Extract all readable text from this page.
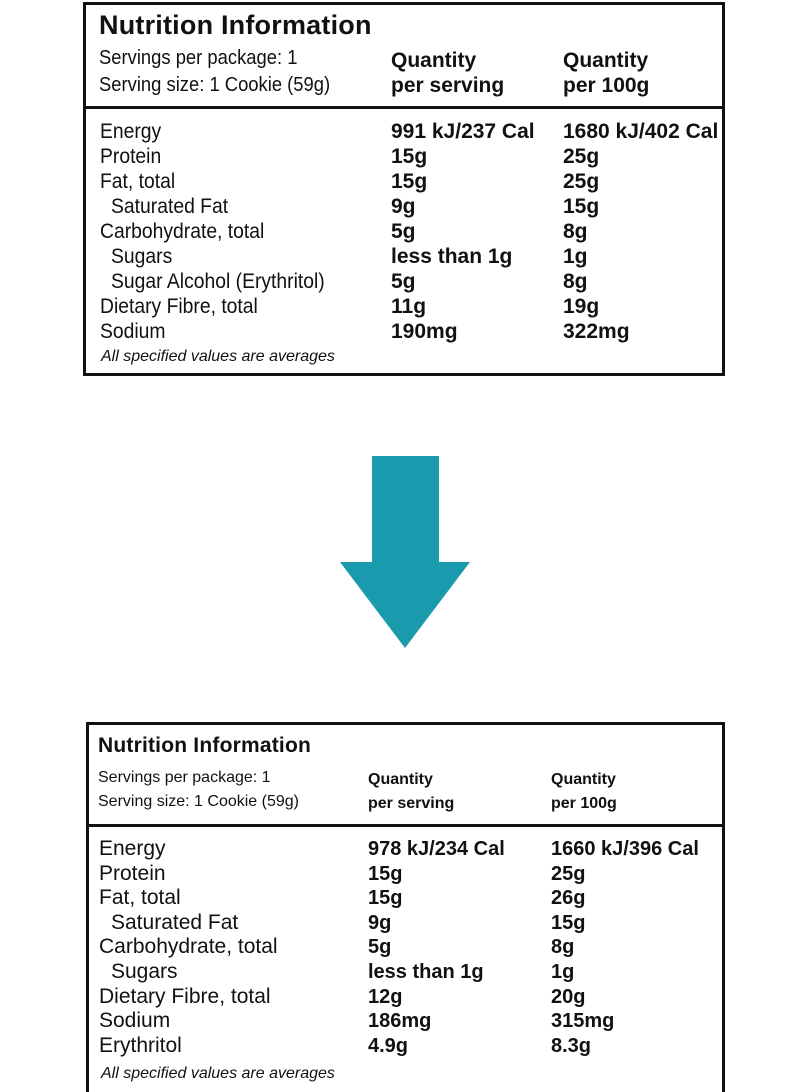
Nutrition Information
Servings per package: 1
Serving size: 1 Cookie (59g)
Quantity
per serving
Quantity
per 100g
Energy	991 kJ/237 Cal 1680 kJ/402 Cal
Protein	15g	25g
Fat, total	15g	25g
Saturated Fat	9g	15g
Carbohydrate, total	5g	8g
Sugars	less than 1g 1g
Sugar Alcohol (Erythritol)	5g	8g
Dietary Fibre, total	11g	19g
Sodium	190mg	322mg
All specified values are averages
Nutrition Information
Servings per package: 1
Serving size: 1 Cookie (59g)
Quantity
per serving
Quantity
per 100g
Energy	978 kJ/234 Cal 1660 kJ/396 Cal
Protein	15g	25g
Fat, total	15g	26g
Saturated Fat	9g	15g
Carbohydrate, total	5g	8g
Sugars	less than 1g	1g
Dietary Fibre, total	12g	20g
Sodium	186mg	315mg
Erythritol	4.9g	8.3g
All specified values are averages
